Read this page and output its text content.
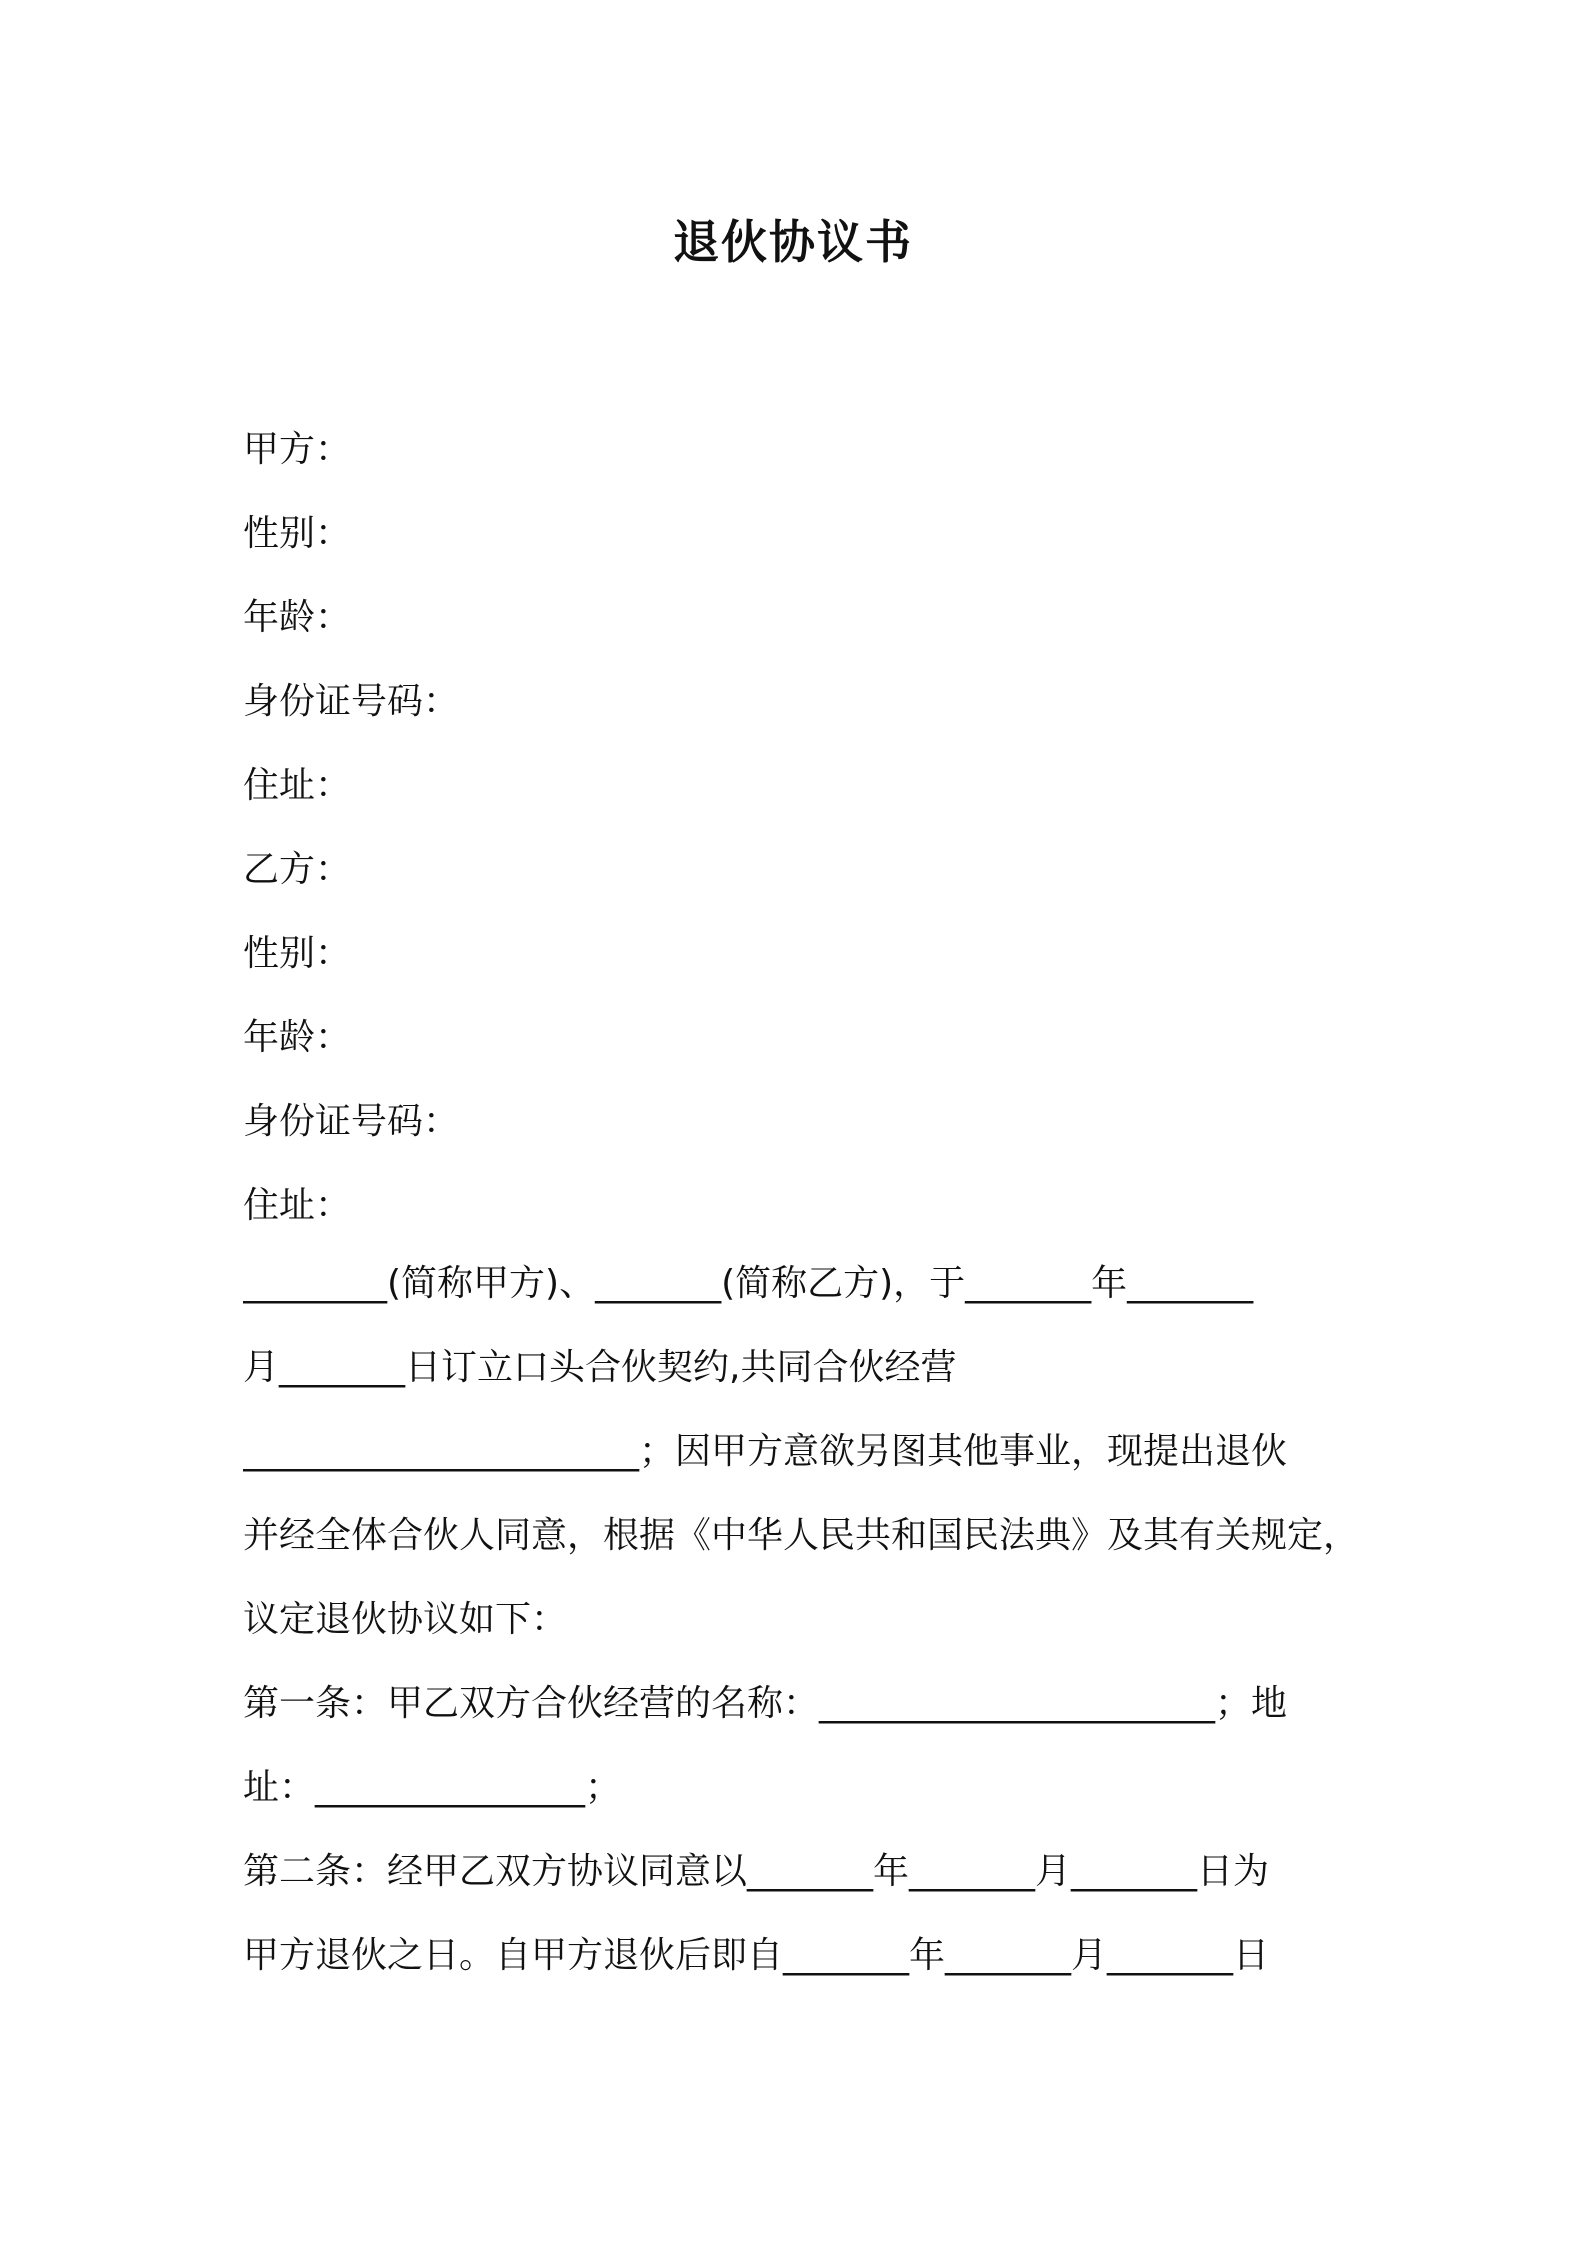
退伙协议书
甲方：
性别：
年龄：
身份证号码：
住址：
乙方：
性别：
年龄：
身份证号码：
住址：
________(简称甲方)、_______(简称乙方)，于_______年_______
月_______日订立口头合伙契约,共同合伙经营
______________________；因甲方意欲另图其他事业，现提出退伙
并经全体合伙人同意，根据《中华人民共和国民法典》及其有关规定，
议定退伙协议如下：
第一条：甲乙双方合伙经营的名称：______________________；地
址：_______________；
第二条：经甲乙双方协议同意以_______年_______月_______日为
甲方退伙之日。自甲方退伙后即自_______年_______月_______日
